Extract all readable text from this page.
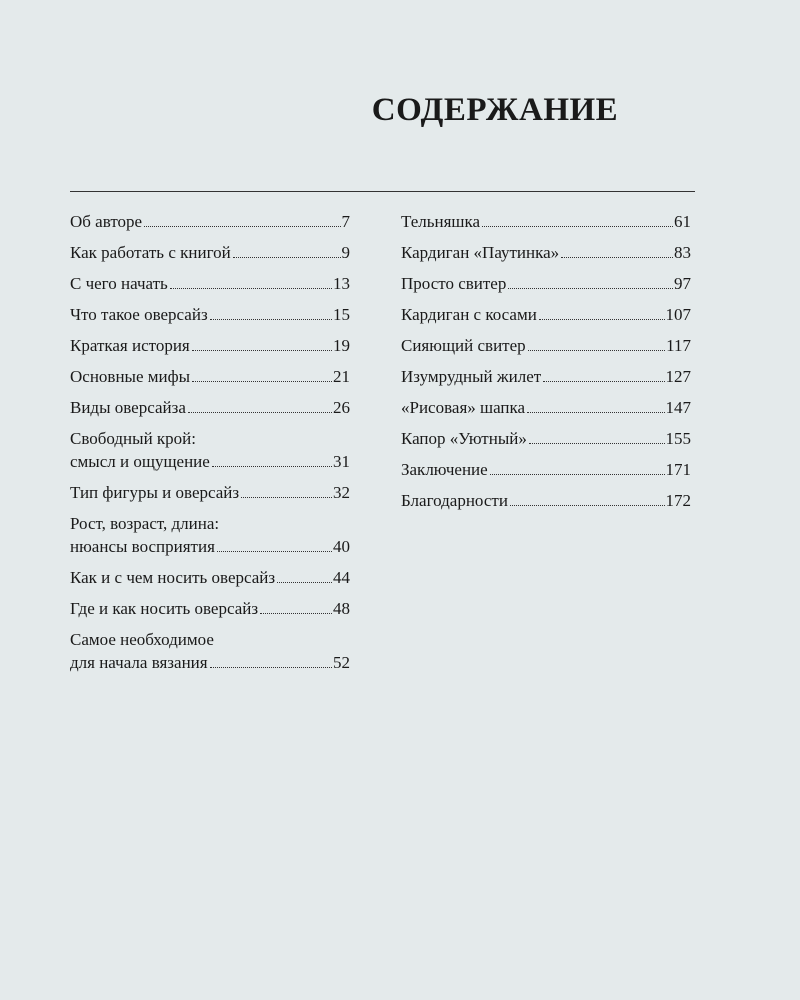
СОДЕРЖАНИЕ
Об авторе	7
Как работать с книгой	9
С чего начать	13
Что такое оверсайз	15
Краткая история	19
Основные мифы	21
Виды оверсайза	26
Свободный крой:
смысл и ощущение	31
Тип фигуры и оверсайз	32
Рост, возраст, длина:
нюансы восприятия	40
Как и с чем носить оверсайз	44
Где и как носить оверсайз	48
Самое необходимое
для начала вязания	52
Тельняшка	61
Кардиган «Паутинка»	83
Просто свитер	97
Кардиган с косами	107
Сияющий свитер	117
Изумрудный жилет	127
«Рисовая» шапка	147
Капор «Уютный»	155
Заключение	171
Благодарности	172
